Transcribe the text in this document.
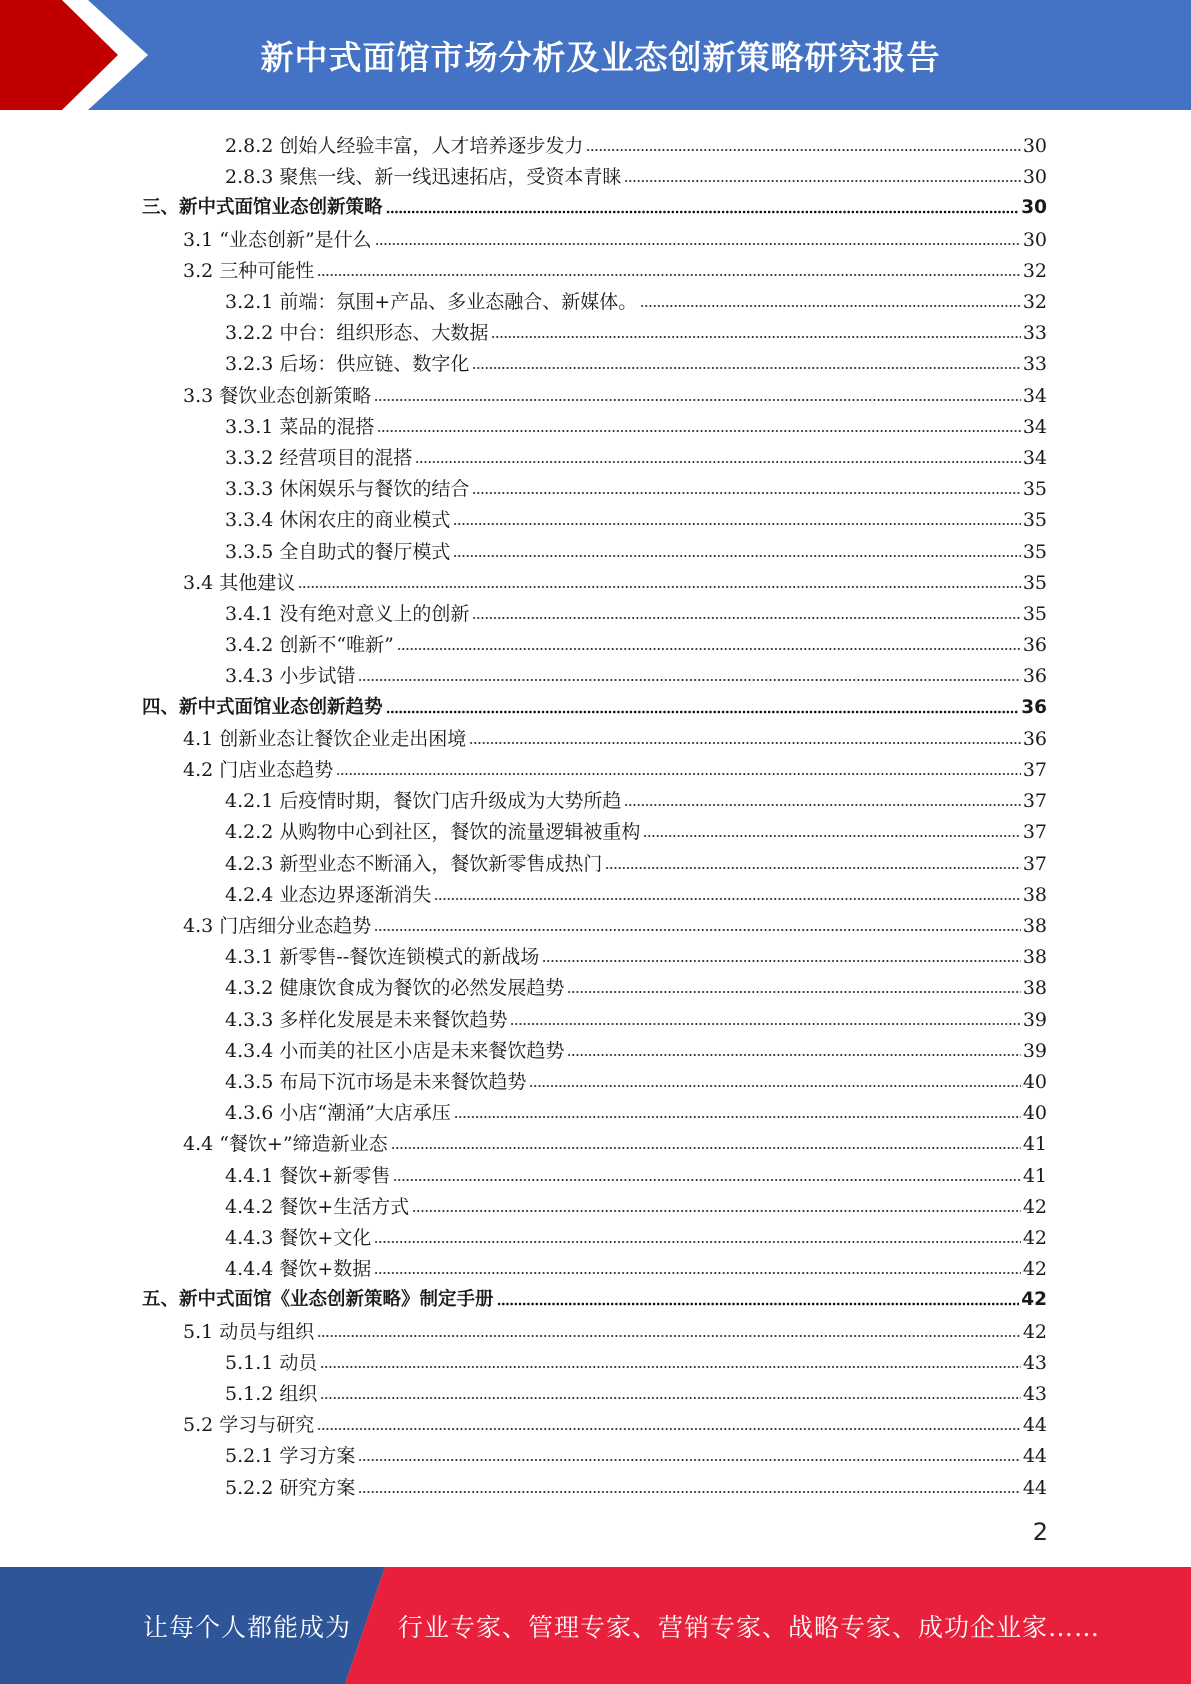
新中式面馆市场分析及业态创新策略研究报告
2.8.2 创始人经验丰富，人才培养逐步发力	30
2.8.3 聚焦一线、新一线迅速拓店，受资本青睐	30
三、新中式面馆业态创新策略	30
3.1 “业态创新”是什么	30
3.2 三种可能性	32
3.2.1 前端：氛围+产品、多业态融合、新媒体。	32
3.2.2 中台：组织形态、大数据	33
3.2.3 后场：供应链、数字化	33
3.3 餐饮业态创新策略	34
3.3.1 菜品的混搭	34
3.3.2 经营项目的混搭	34
3.3.3 休闲娱乐与餐饮的结合	35
3.3.4 休闲农庄的商业模式	35
3.3.5 全自助式的餐厅模式	35
3.4 其他建议	35
3.4.1 没有绝对意义上的创新	35
3.4.2 创新不“唯新”	36
3.4.3 小步试错	36
四、新中式面馆业态创新趋势	36
4.1 创新业态让餐饮企业走出困境	36
4.2 门店业态趋势	37
4.2.1 后疫情时期，餐饮门店升级成为大势所趋	37
4.2.2 从购物中心到社区，餐饮的流量逻辑被重构	37
4.2.3 新型业态不断涌入，餐饮新零售成热门	37
4.2.4 业态边界逐渐消失	38
4.3 门店细分业态趋势	38
4.3.1 新零售--餐饮连锁模式的新战场	38
4.3.2 健康饮食成为餐饮的必然发展趋势	38
4.3.3 多样化发展是未来餐饮趋势	39
4.3.4 小而美的社区小店是未来餐饮趋势	39
4.3.5 布局下沉市场是未来餐饮趋势	40
4.3.6 小店“潮涌”大店承压	40
4.4 “餐饮+”缔造新业态	41
4.4.1 餐饮+新零售	41
4.4.2 餐饮+生活方式	42
4.4.3 餐饮+文化	42
4.4.4 餐饮+数据	42
五、新中式面馆《业态创新策略》制定手册	42
5.1 动员与组织	42
5.1.1 动员	43
5.1.2 组织	43
5.2 学习与研究	44
5.2.1 学习方案	44
5.2.2 研究方案	44
2
让每个人都能成为 行业专家、管理专家、营销专家、战略专家、成功企业家……
